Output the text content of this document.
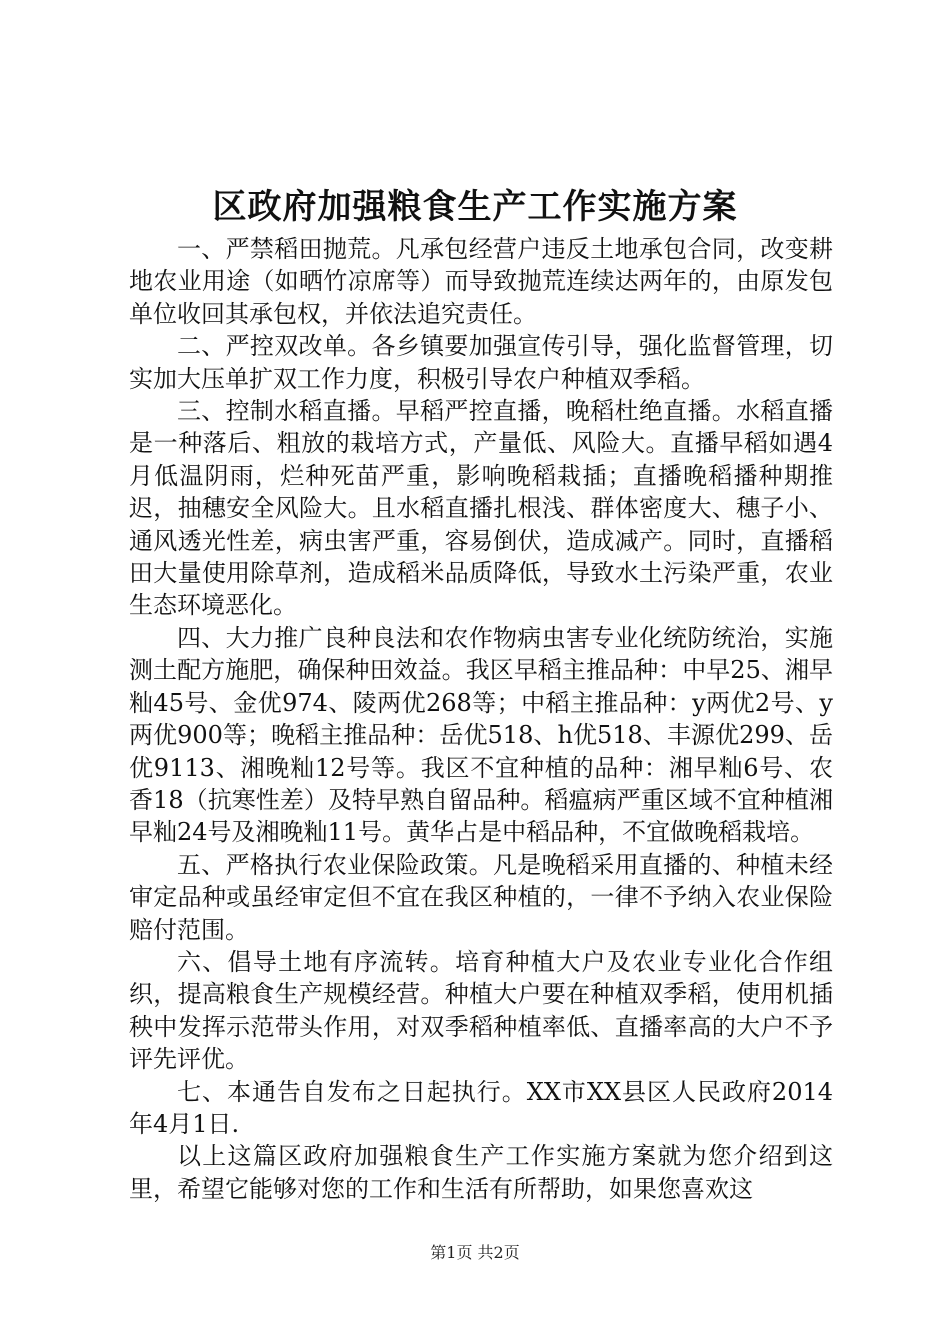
区政府加强粮食生产工作实施方案

一、严禁稻田抛荒。凡承包经营户违反土地承包合同，改变耕地农业用途（如晒竹凉席等）而导致抛荒连续达两年的，由原发包单位收回其承包权，并依法追究责任。

二、严控双改单。各乡镇要加强宣传引导，强化监督管理，切实加大压单扩双工作力度，积极引导农户种植双季稻。

三、控制水稻直播。早稻严控直播，晚稻杜绝直播。水稻直播是一种落后、粗放的栽培方式，产量低、风险大。直播早稻如遇4月低温阴雨，烂种死苗严重，影响晚稻栽插；直播晚稻播种期推迟，抽穗安全风险大。且水稻直播扎根浅、群体密度大、穗子小、通风透光性差，病虫害严重，容易倒伏，造成减产。同时，直播稻田大量使用除草剂，造成稻米品质降低，导致水土污染严重，农业生态环境恶化。

四、大力推广良种良法和农作物病虫害专业化统防统治，实施测土配方施肥，确保种田效益。我区早稻主推品种：中早25、湘早籼45号、金优974、陵两优268等；中稻主推品种：y两优2号、y两优900等；晚稻主推品种：岳优518、h优518、丰源优299、岳优9113、湘晚籼12号等。我区不宜种植的品种：湘早籼6号、农香18（抗寒性差）及特早熟自留品种。稻瘟病严重区域不宜种植湘早籼24号及湘晚籼11号。黄华占是中稻品种，不宜做晚稻栽培。

五、严格执行农业保险政策。凡是晚稻采用直播的、种植未经审定品种或虽经审定但不宜在我区种植的，一律不予纳入农业保险赔付范围。

六、倡导土地有序流转。培育种植大户及农业专业化合作组织，提高粮食生产规模经营。种植大户要在种植双季稻，使用机插秧中发挥示范带头作用，对双季稻种植率低、直播率高的大户不予评先评优。

七、本通告自发布之日起执行。XX市XX县区人民政府2014年4月1日.

以上这篇区政府加强粮食生产工作实施方案就为您介绍到这里，希望它能够对您的工作和生活有所帮助，如果您喜欢这

第1页 共2页
